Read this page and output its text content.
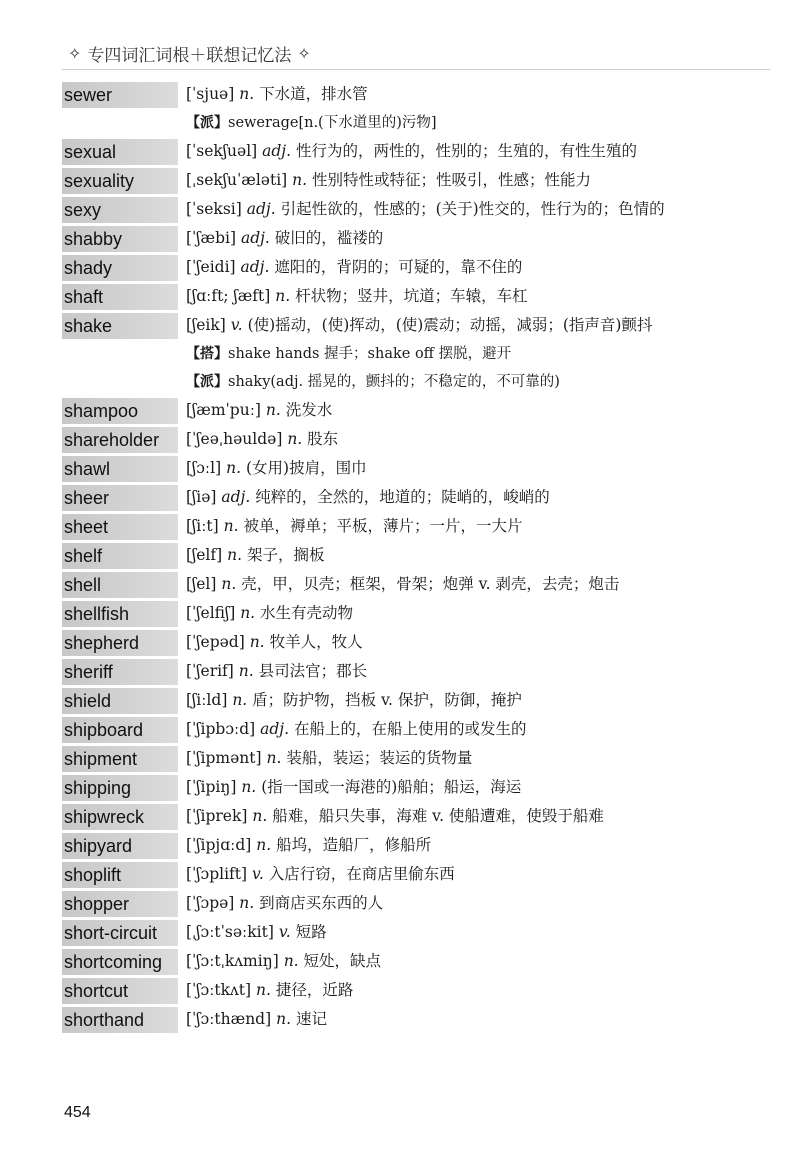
✧ 专四词汇词根＋联想记忆法 ✧
sewer	[ˈsjuə] n. 下水道，排水管
【派】sewerage[n.(下水道里的)污物]
sexual	[ˈsekʃuəl] adj. 性行为的，两性的，性别的；生殖的，有性生殖的
sexuality	[ˌsekʃuˈæləti] n. 性别特性或特征；性吸引，性感；性能力
sexy	[ˈseksi] adj. 引起性欲的，性感的；(关于)性交的，性行为的；色情的
shabby	[ˈʃæbi] adj. 破旧的，褴褛的
shady	[ˈʃeidi] adj. 遮阳的，背阴的；可疑的，靠不住的
shaft	[ʃɑːft; ʃæft] n. 杆状物；竖井，坑道；车辕，车杠
shake	[ʃeik] v. (使)摇动，(使)挥动，(使)震动；动摇，减弱；(指声音)颤抖
【搭】shake hands 握手；shake off 摆脱，避开
【派】shaky(adj. 摇晃的，颤抖的；不稳定的，不可靠的)
shampoo	[ʃæmˈpuː] n. 洗发水
shareholder	[ˈʃeəˌhəuldə] n. 股东
shawl	[ʃɔːl] n. (女用)披肩，围巾
sheer	[ʃiə] adj. 纯粹的，全然的，地道的；陡峭的，峻峭的
sheet	[ʃiːt] n. 被单，褥单；平板，薄片；一片，一大片
shelf	[ʃelf] n. 架子，搁板
shell	[ʃel] n. 壳，甲，贝壳；框架，骨架；炮弹 v. 剥壳，去壳；炮击
shellfish	[ˈʃelfiʃ] n. 水生有壳动物
shepherd	[ˈʃepəd] n. 牧羊人，牧人
sheriff	[ˈʃerif] n. 县司法官；郡长
shield	[ʃiːld] n. 盾；防护物，挡板 v. 保护，防御，掩护
shipboard	[ˈʃipbɔːd] adj. 在船上的，在船上使用的或发生的
shipment	[ˈʃipmənt] n. 装船，装运；装运的货物量
shipping	[ˈʃipiŋ] n. (指一国或一海港的)船舶；船运，海运
shipwreck	[ˈʃiprek] n. 船难，船只失事，海难 v. 使船遭难，使毁于船难
shipyard	[ˈʃipjɑːd] n. 船坞，造船厂，修船所
shoplift	[ˈʃɔplift] v. 入店行窃，在商店里偷东西
shopper	[ˈʃɔpə] n. 到商店买东西的人
short-circuit	[ˌʃɔːtˈsəːkit] v. 短路
shortcoming	[ˈʃɔːtˌkʌmiŋ] n. 短处，缺点
shortcut	[ˈʃɔːtkʌt] n. 捷径，近路
shorthand	[ˈʃɔːthænd] n. 速记
454
